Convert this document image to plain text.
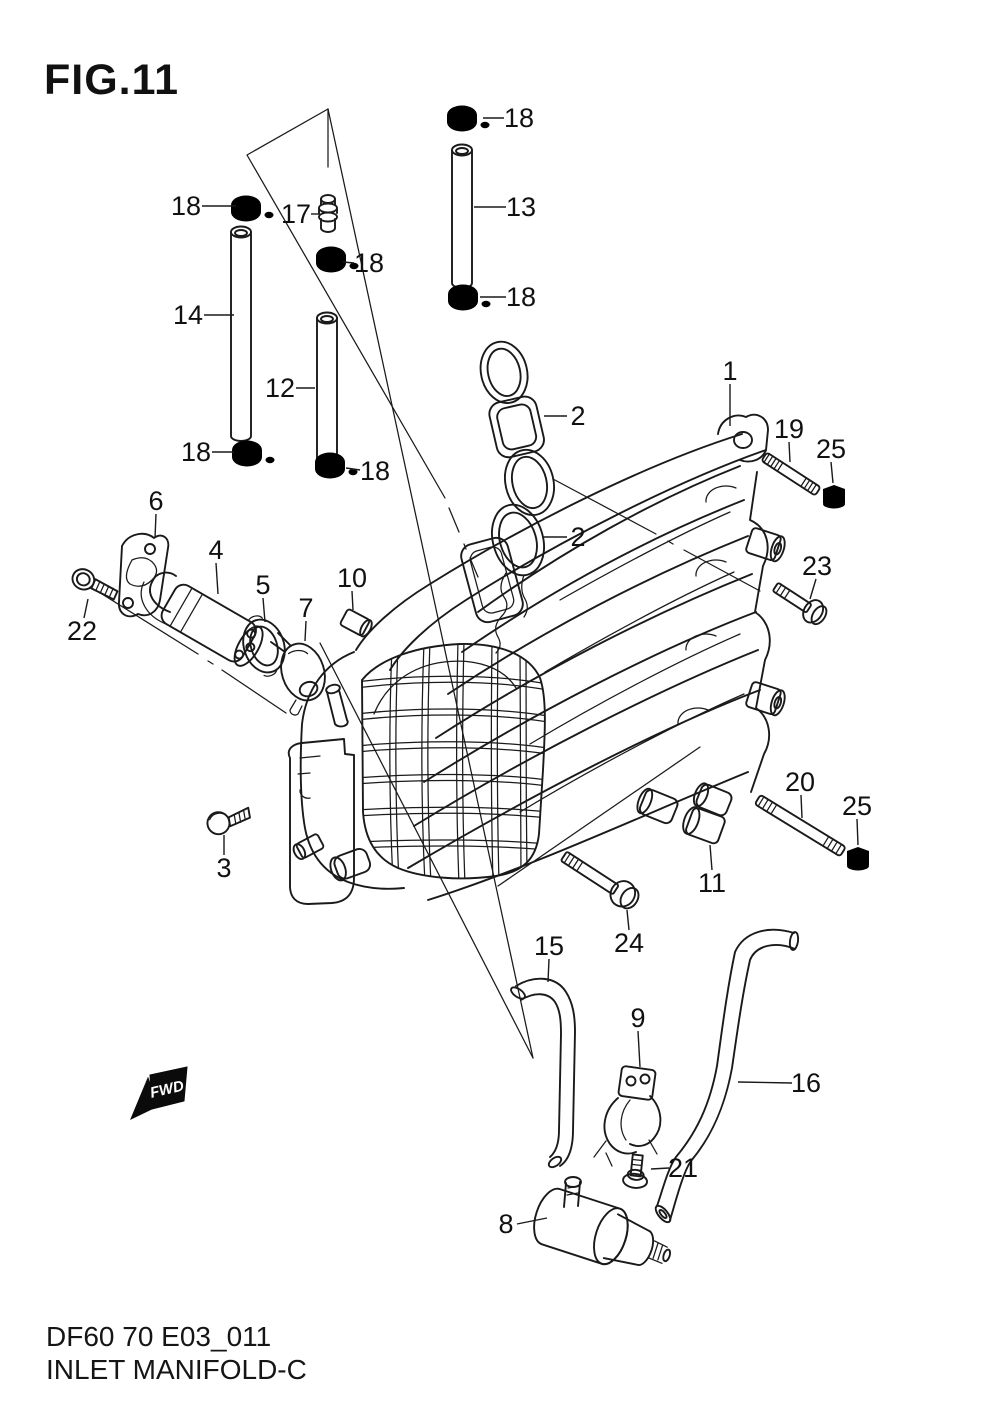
FIG.11
18	17
18
14
12
18
18
18
13
18
2
2
1
19
25
23
6
4
5
7
10
22
3
24
20
25
11
15
9
16
21
8
FWD
DF60 70 E03_011
INLET MANIFOLD-C
